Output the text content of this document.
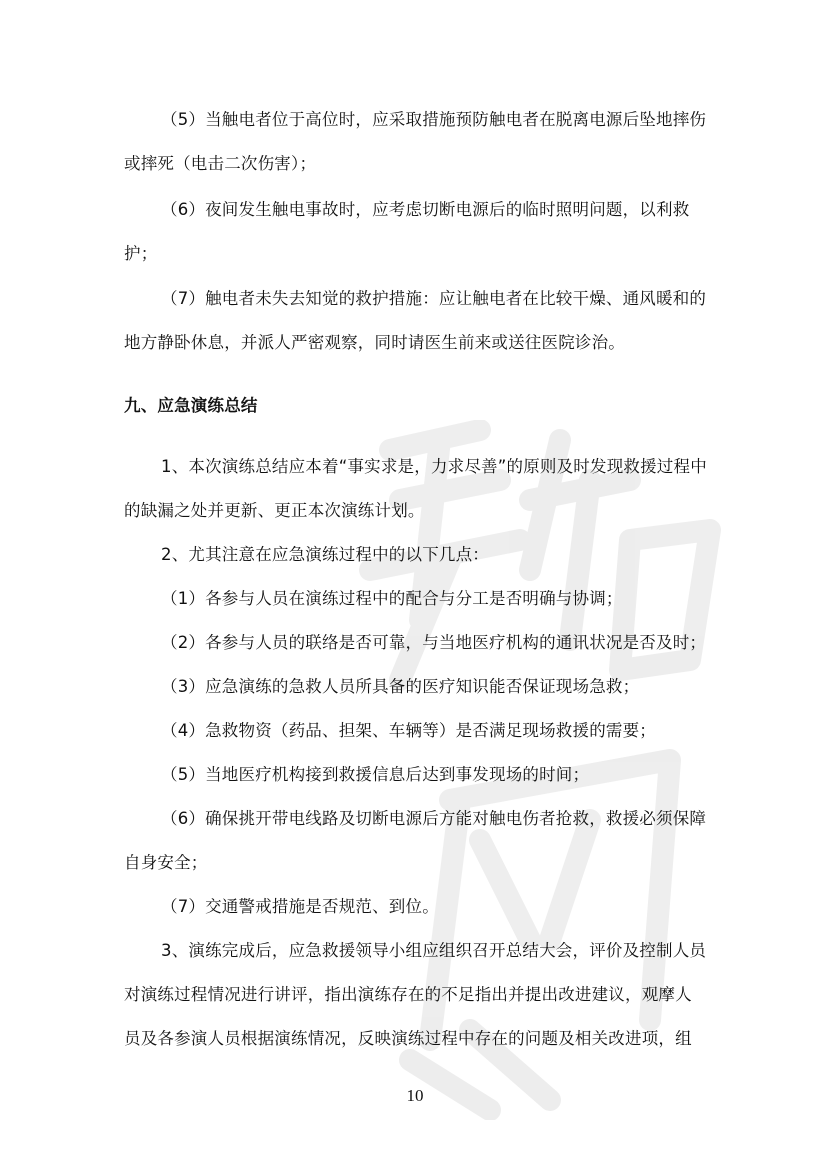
（5）当触电者位于高位时，应采取措施预防触电者在脱离电源后坠地摔伤

或摔死（电击二次伤害）；

（6）夜间发生触电事故时，应考虑切断电源后的临时照明问题，以利救

护；

（7）触电者未失去知觉的救护措施：应让触电者在比较干燥、通风暖和的

地方静卧休息，并派人严密观察，同时请医生前来或送往医院诊治。

九、应急演练总结

1、本次演练总结应本着“事实求是，力求尽善”的原则及时发现救援过程中

的缺漏之处并更新、更正本次演练计划。

2、尤其注意在应急演练过程中的以下几点：

（1）各参与人员在演练过程中的配合与分工是否明确与协调；

（2）各参与人员的联络是否可靠，与当地医疗机构的通讯状况是否及时；

（3）应急演练的急救人员所具备的医疗知识能否保证现场急救；

（4）急救物资（药品、担架、车辆等）是否满足现场救援的需要；

（5）当地医疗机构接到救援信息后达到事发现场的时间；

（6）确保挑开带电线路及切断电源后方能对触电伤者抢救，救援必须保障

自身安全；

（7）交通警戒措施是否规范、到位。

3、演练完成后，应急救援领导小组应组织召开总结大会，评价及控制人员

对演练过程情况进行讲评，指出演练存在的不足指出并提出改进建议，观摩人

员及各参演人员根据演练情况，反映演练过程中存在的问题及相关改进项，组

10
